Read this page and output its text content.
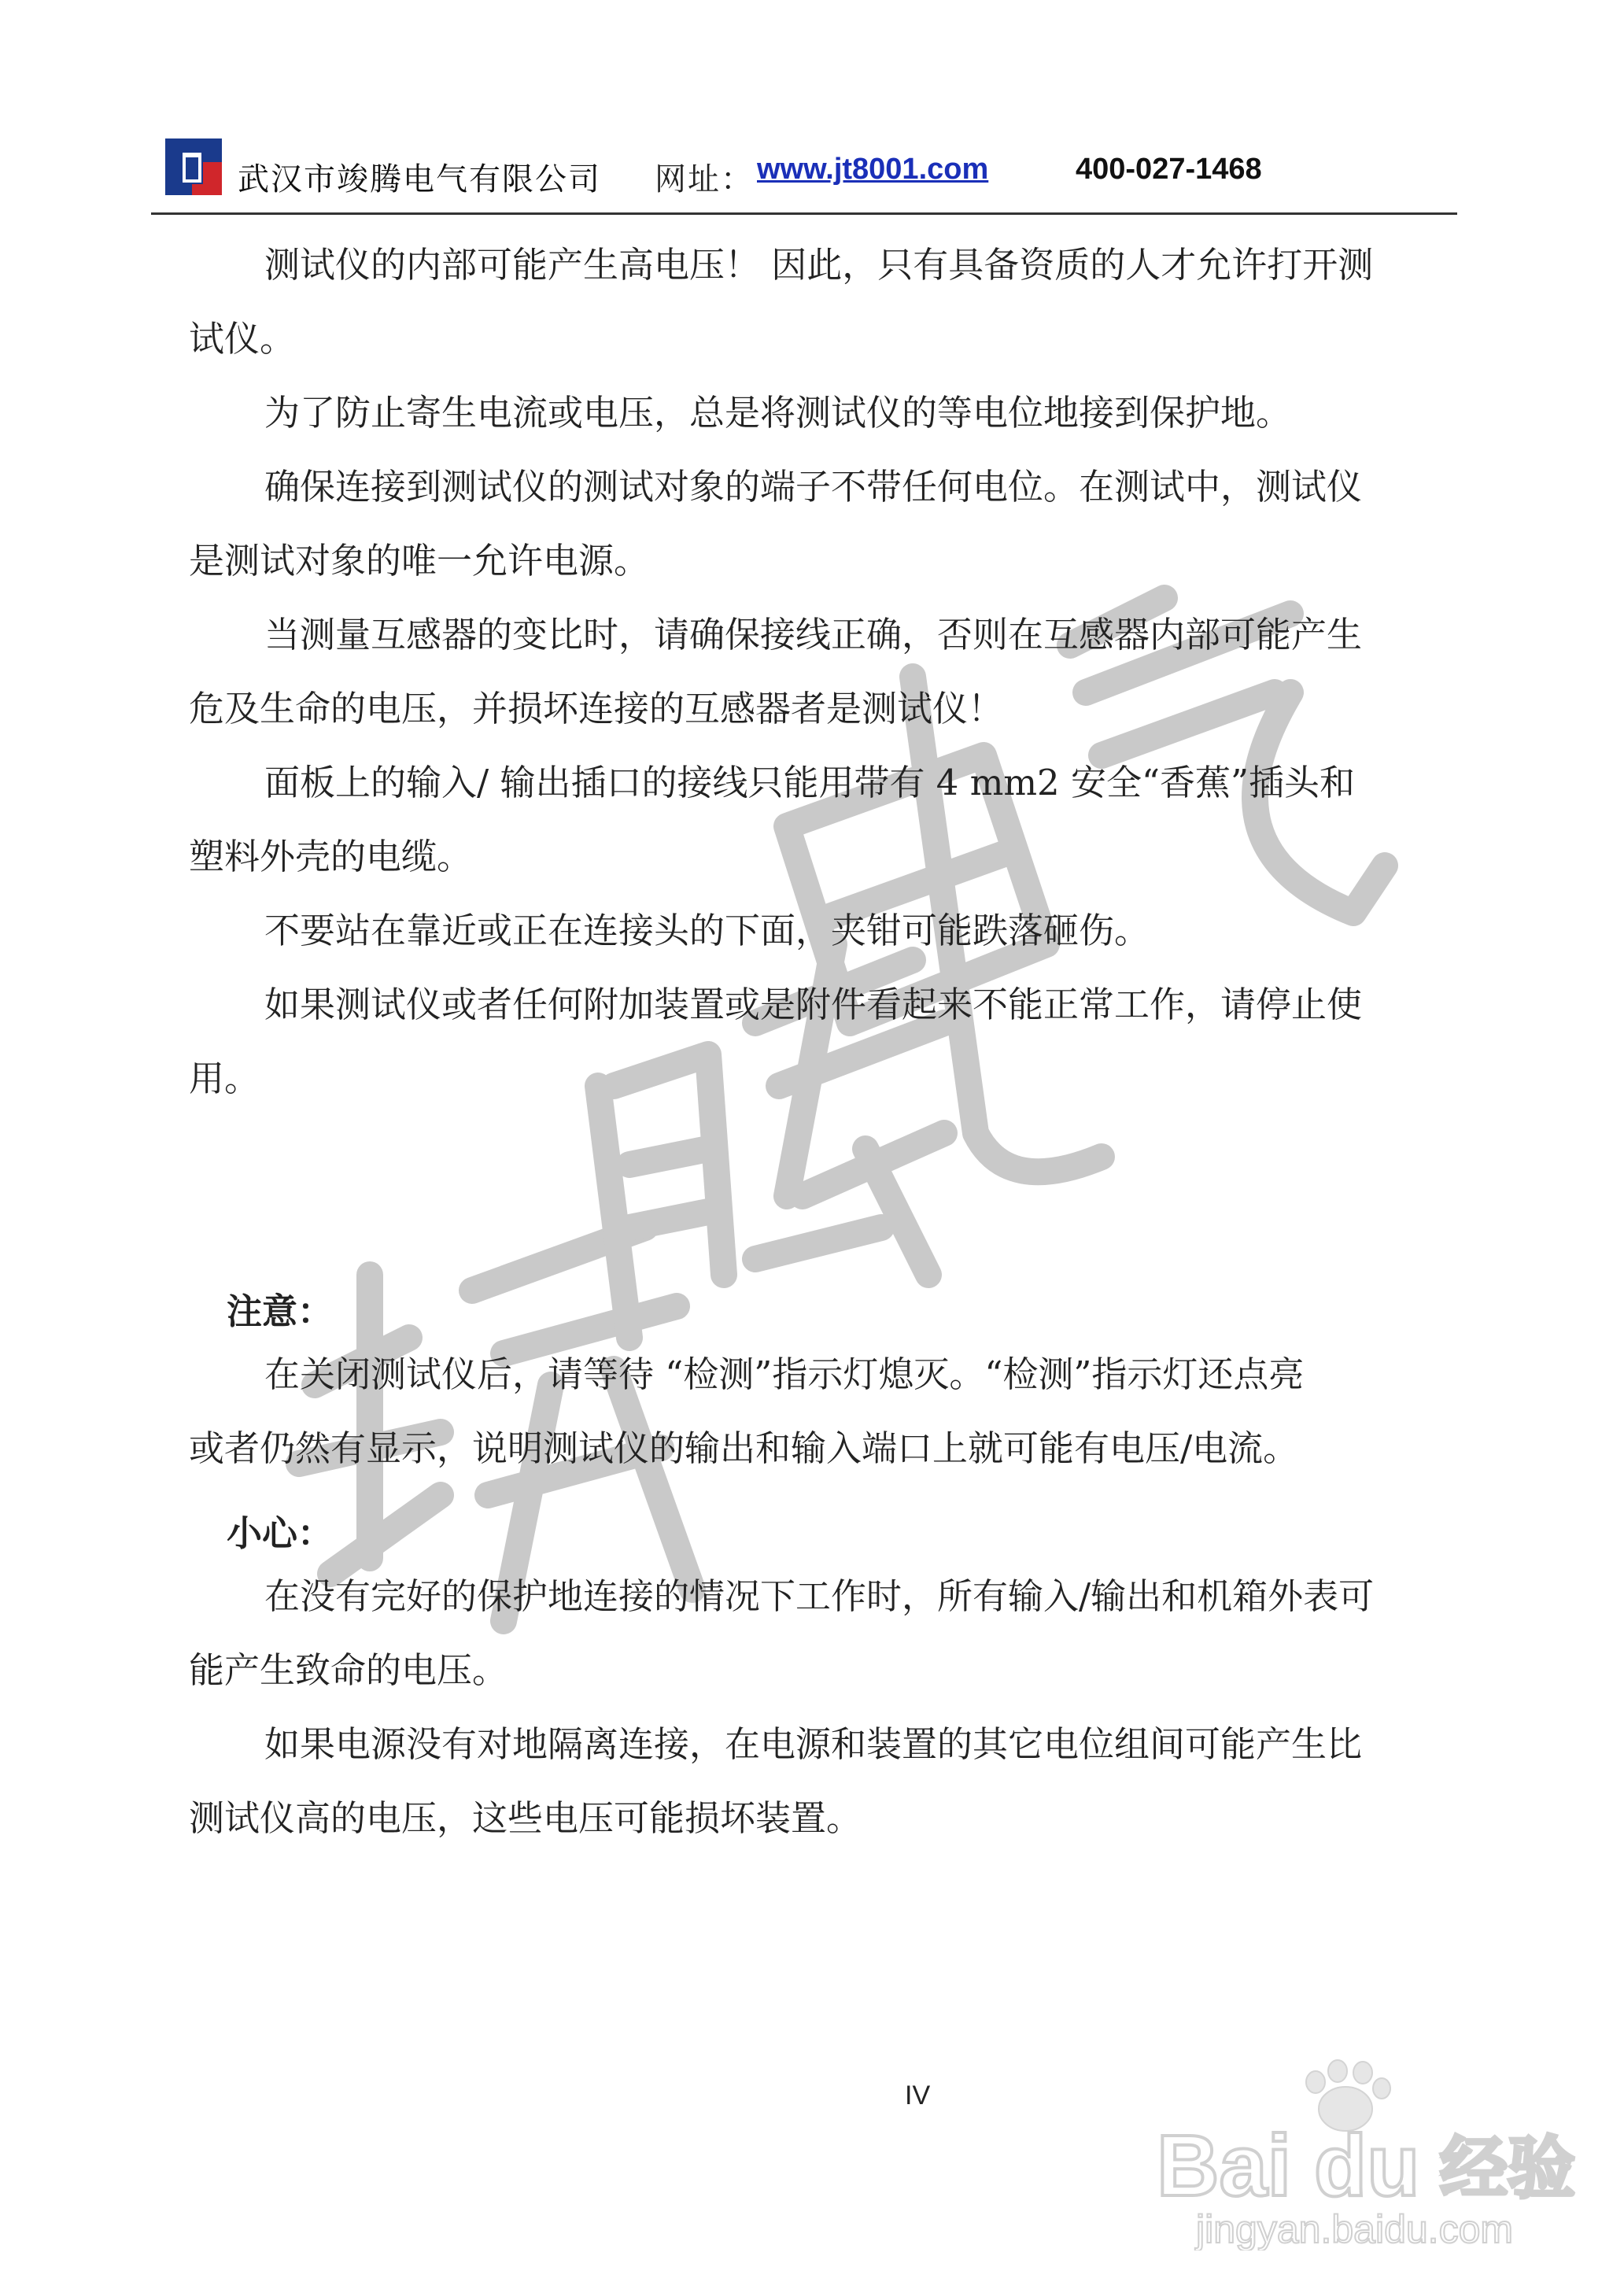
武汉市竣腾电气有限公司 网址： www.jt8001.com	400-027-1468
测试仪的内部可能产生高电压！ 因此，只有具备资质的人才允许打开测
试仪。
为了防止寄生电流或电压，总是将测试仪的等电位地接到保护地。
确保连接到测试仪的测试对象的端子不带任何电位。在测试中，测试仪
是测试对象的唯一允许电源。
当测量互感器的变比时，请确保接线正确，否则在互感器内部可能产生
危及生命的电压，并损坏连接的互感器者是测试仪！
面板上的输入/ 输出插口的接线只能用带有 4 mm2 安全“香蕉”插头和
塑料外壳的电缆。
不要站在靠近或正在连接头的下面，夹钳可能跌落砸伤。
如果测试仪或者任何附加装置或是附件看起来不能正常工作，请停止使
用。
注意：
在关闭测试仪后，请等待 “检测”指示灯熄灭。“检测”指示灯还点亮
或者仍然有显示，说明测试仪的输出和输入端口上就可能有电压/电流。
小心：
在没有完好的保护地连接的情况下工作时，所有输入/输出和机箱外表可
能产生致命的电压。
如果电源没有对地隔离连接，在电源和装置的其它电位组间可能产生比
测试仪高的电压，这些电压可能损坏装置。
IV
Bai du 经验
jingyan.baidu.com
